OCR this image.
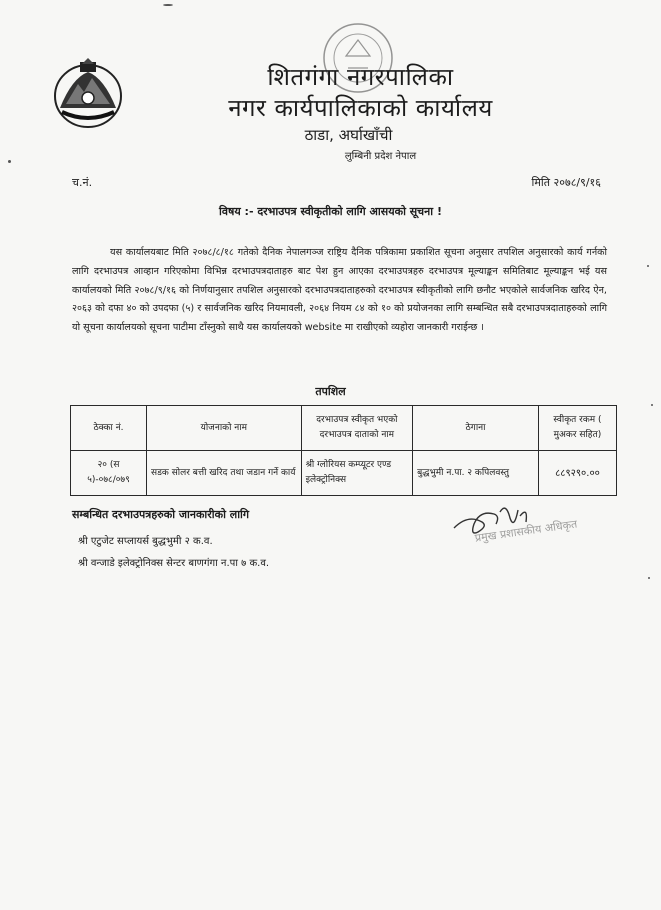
शितगंगा नगरपालिका
नगर कार्यपालिकाको कार्यालय
ठाडा, अर्घाखाँची
लुम्बिनी प्रदेश नेपाल
च.नं.	मिति २०७८/९/१६
विषय :- दरभाउपत्र स्वीकृतीको लागि आसयको सूचना !
यस कार्यालयबाट मिति २०७८/८/१८ गतेको दैनिक नेपालगञ्ज राष्ट्रिय दैनिक पत्रिकामा प्रकाशित सूचना अनुसार तपशिल अनुसारको कार्य गर्नको लागि दरभाउपत्र आव्हान गरिएकोमा विभिन्न दरभाउपत्रदाताहरु बाट पेश हुन आएका दरभाउपत्रहरु दरभाउपत्र मूल्याङ्कन समितिबाट मूल्याङ्कन भई यस कार्यालयको मिति २०७८/९/१६ को निर्णयानुसार तपशिल अनुसारको दरभाउपत्रदाताहरुको दरभाउपत्र स्वीकृतीको लागि छनौट भएकोले सार्वजनिक खरिद ऐन, २०६३ को दफा ४० को उपदफा (५) र सार्वजनिक खरिद नियमावली, २०६४ नियम ८४ को १० को प्रयोजनका लागि सम्बन्धित सबै दरभाउपत्रदाताहरुको लागि यो सूचना कार्यालयको सूचना पाटीमा टाँस्नुको साथै यस कार्यालयको website मा राखीएको व्यहोरा जानकारी गराईन्छ ।
तपशिल
ठेक्का नं.	योजनाको नाम	दरभाउपत्र स्वीकृत भएको दरभाउपत्र दाताको नाम	ठेगाना	स्वीकृत रकम ( मुअकर सहित)
२० (स ५)-०७८/०७९	सडक सोलर बत्ती खरिद तथा जडान गर्ने कार्य	श्री ग्लोरियस कम्प्यूटर एण्ड इलेक्ट्रोनिक्स	बुद्धभुमी न.पा. २ कपिलवस्तु	८८९२९०.००
सम्बन्धित दरभाउपत्रहरुको जानकारीको लागि
श्री एटुजेट सप्लायर्स बुद्धभुमी २ क.व.
श्री वन्जाडे इलेक्ट्रोनिक्स सेन्टर बाणगंगा न.पा ७ क.व.
प्रमुख प्रशासकीय अधिकृत
